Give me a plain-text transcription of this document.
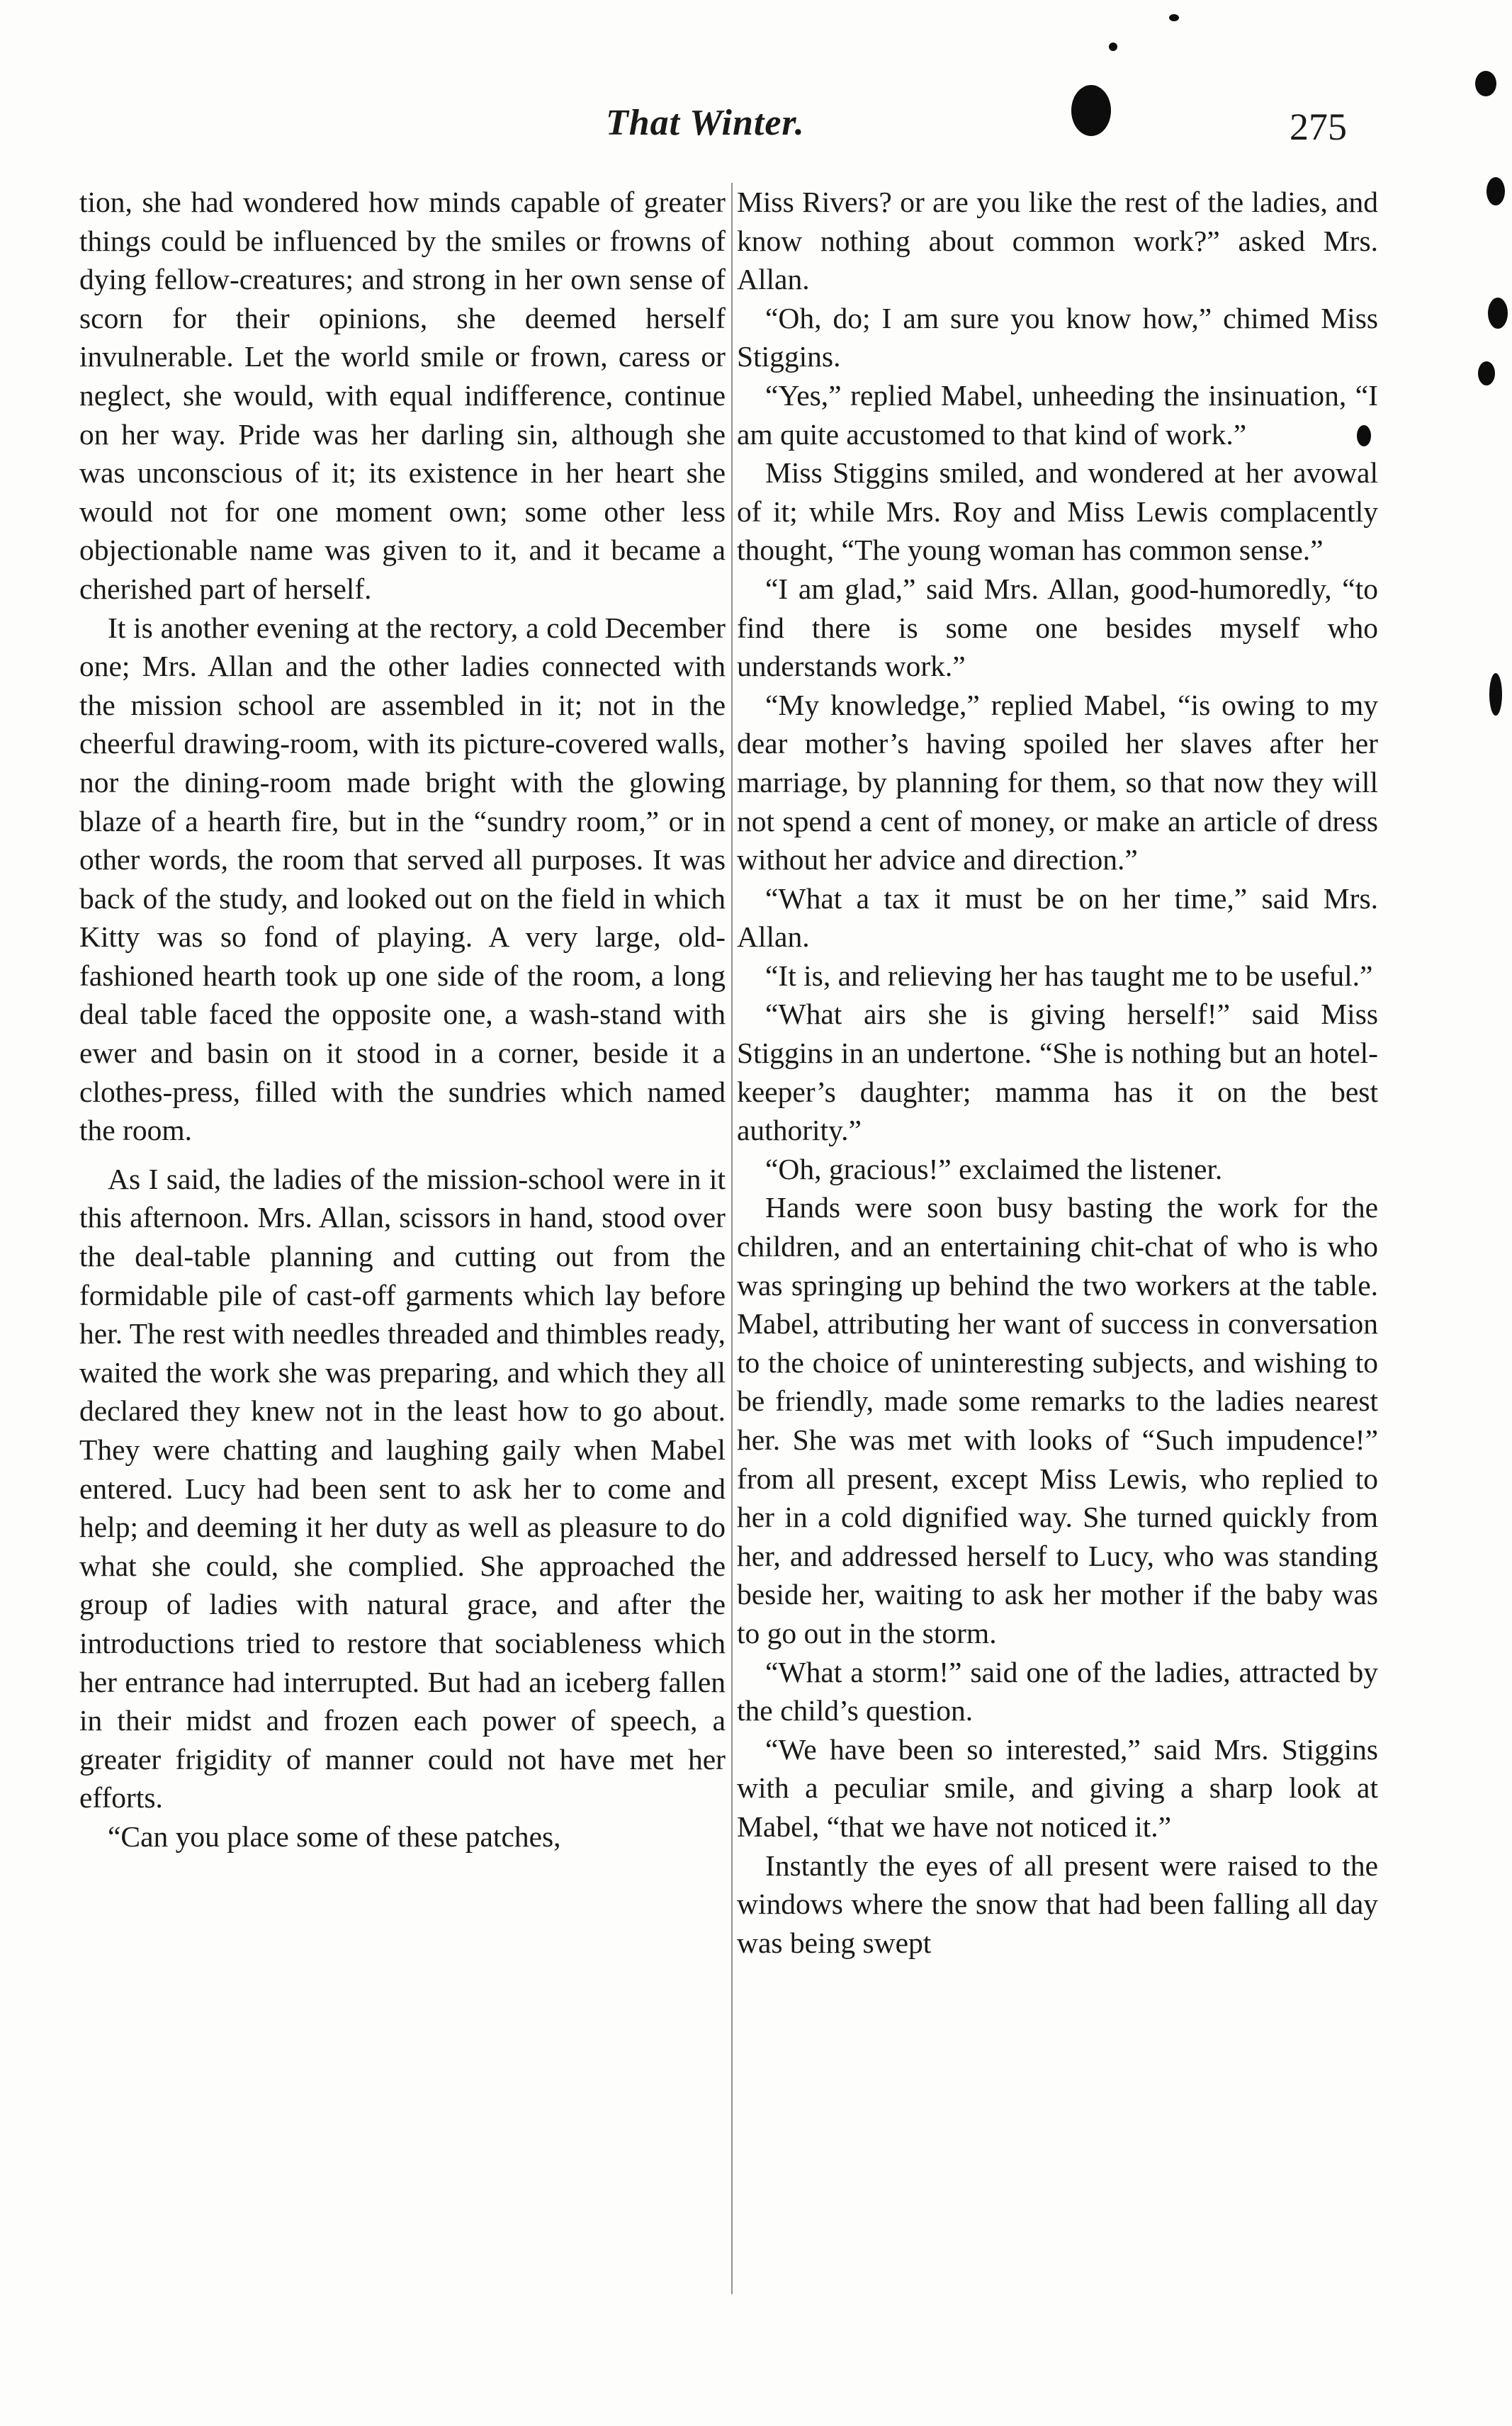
That Winter.	275

tion, she had wondered how minds capable of greater things could be influenced by the smiles or frowns of dying fellow-creatures; and strong in her own sense of scorn for their opinions, she deemed herself invulnerable. Let the world smile or frown, caress or neglect, she would, with equal indifference, continue on her way. Pride was her darling sin, although she was unconscious of it; its existence in her heart she would not for one moment own; some other less objectionable name was given to it, and it became a cherished part of herself.

It is another evening at the rectory, a cold December one; Mrs. Allan and the other ladies connected with the mission school are assembled in it; not in the cheerful drawing-room, with its picture-covered walls, nor the dining-room made bright with the glowing blaze of a hearth fire, but in the “sundry room,” or in other words, the room that served all purposes. It was back of the study, and looked out on the field in which Kitty was so fond of playing. A very large, old-fashioned hearth took up one side of the room, a long deal table faced the opposite one, a wash-stand with ewer and basin on it stood in a corner, beside it a clothes-press, filled with the sundries which named the room.

As I said, the ladies of the mission-school were in it this afternoon. Mrs. Allan, scissors in hand, stood over the deal-table planning and cutting out from the formidable pile of cast-off garments which lay before her. The rest with needles threaded and thimbles ready, waited the work she was preparing, and which they all declared they knew not in the least how to go about. They were chatting and laughing gaily when Mabel entered. Lucy had been sent to ask her to come and help; and deeming it her duty as well as pleasure to do what she could, she complied. She approached the group of ladies with natural grace, and after the introductions tried to restore that sociableness which her entrance had interrupted. But had an iceberg fallen in their midst and frozen each power of speech, a greater frigidity of manner could not have met her efforts.

“Can you place some of these patches,

Miss Rivers? or are you like the rest of the ladies, and know nothing about common work?” asked Mrs. Allan.

“Oh, do; I am sure you know how,” chimed Miss Stiggins.

“Yes,” replied Mabel, unheeding the insinuation, “I am quite accustomed to that kind of work.”

Miss Stiggins smiled, and wondered at her avowal of it; while Mrs. Roy and Miss Lewis complacently thought, “The young woman has common sense.”

“I am glad,” said Mrs. Allan, good-humoredly, “to find there is some one besides myself who understands work.”

“My knowledge,” replied Mabel, “is owing to my dear mother’s having spoiled her slaves after her marriage, by planning for them, so that now they will not spend a cent of money, or make an article of dress without her advice and direction.”

“What a tax it must be on her time,” said Mrs. Allan.

“It is, and relieving her has taught me to be useful.”

“What airs she is giving herself!” said Miss Stiggins in an undertone. “She is nothing but an hotel-keeper’s daughter; mamma has it on the best authority.”

“Oh, gracious!” exclaimed the listener.

Hands were soon busy basting the work for the children, and an entertaining chit-chat of who is who was springing up behind the two workers at the table. Mabel, attributing her want of success in conversation to the choice of uninteresting subjects, and wishing to be friendly, made some remarks to the ladies nearest her. She was met with looks of “Such impudence!” from all present, except Miss Lewis, who replied to her in a cold dignified way. She turned quickly from her, and addressed herself to Lucy, who was standing beside her, waiting to ask her mother if the baby was to go out in the storm.

“What a storm!” said one of the ladies, attracted by the child’s question.

“We have been so interested,” said Mrs. Stiggins with a peculiar smile, and giving a sharp look at Mabel, “that we have not noticed it.”

Instantly the eyes of all present were raised to the windows where the snow that had been falling all day was being swept
